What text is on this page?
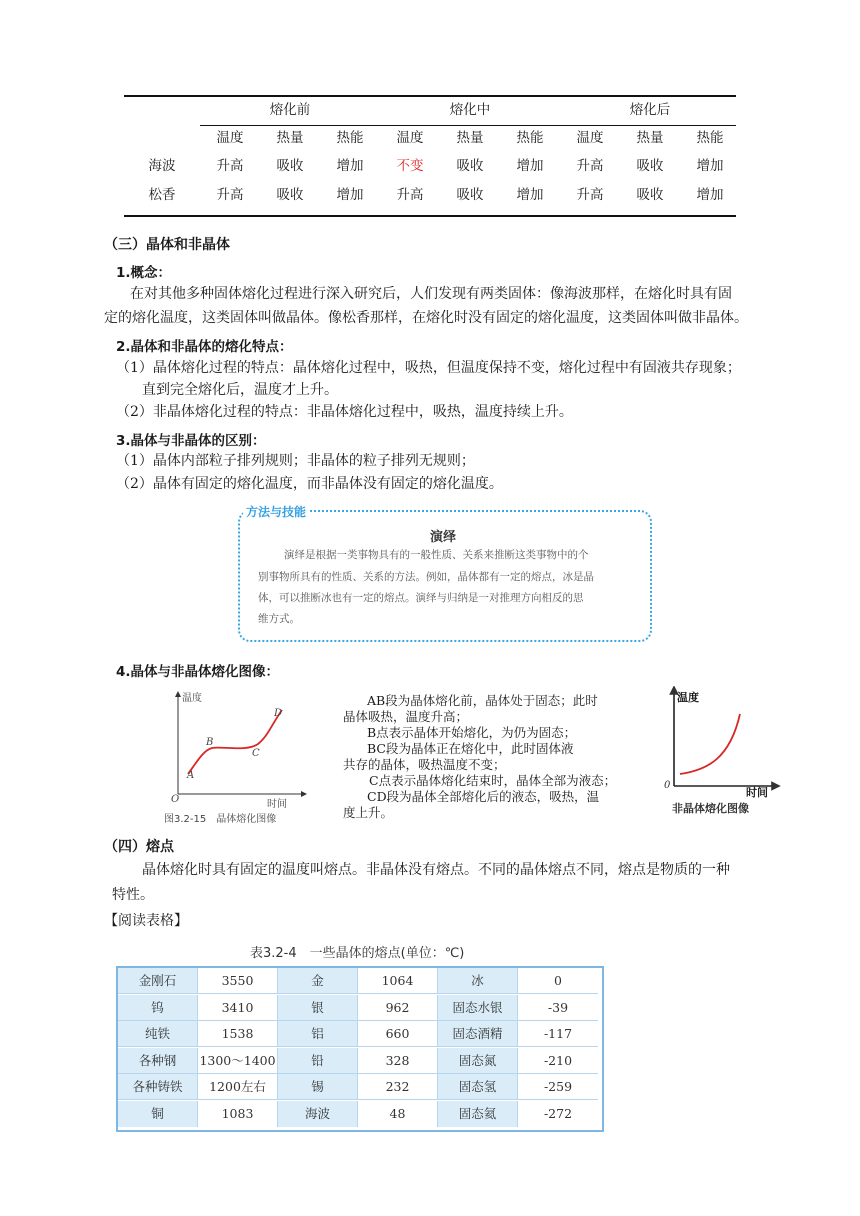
熔化前	熔化中	熔化后
温度	热量	热能	温度	热量	热能	温度	热量	热能
海波	升高	吸收	增加	不变	吸收	增加	升高	吸收	增加
松香	升高	吸收	增加	升高	吸收	增加	升高	吸收	增加
（三）晶体和非晶体
1.概念：
在对其他多种固体熔化过程进行深入研究后，人们发现有两类固体：像海波那样，在熔化时具有固
定的熔化温度，这类固体叫做晶体。像松香那样，在熔化时没有固定的熔化温度，这类固体叫做非晶体。
2.晶体和非晶体的熔化特点：
（1）晶体熔化过程的特点：晶体熔化过程中，吸热，但温度保持不变，熔化过程中有固液共存现象；
直到完全熔化后，温度才上升。
（2）非晶体熔化过程的特点：非晶体熔化过程中，吸热，温度持续上升。
3.晶体与非晶体的区别：
（1）晶体内部粒子排列规则；非晶体的粒子排列无规则；
（2）晶体有固定的熔化温度，而非晶体没有固定的熔化温度。
方法与技能
演绎
演绎是根据一类事物具有的一般性质、关系来推断这类事物中的个
别事物所具有的性质、关系的方法。例如，晶体都有一定的熔点，冰是晶
体，可以推断冰也有一定的熔点。演绎与归纳是一对推理方向相反的思
维方式。
4.晶体与非晶体熔化图像：
温度
时间
O
A
B
C
D
图3.2-15　晶体熔化图像
AB段为晶体熔化前，晶体处于固态；此时
晶体吸热，温度升高；
B点表示晶体开始熔化，为仍为固态；
BC段为晶体正在熔化中，此时固体液
共存的晶体，吸热温度不变；
C点表示晶体熔化结束时，晶体全部为液态；
CD段为晶体全部熔化后的液态，吸热，温
度上升。
温度
时间
0
非晶体熔化图像
（四）熔点
晶体熔化时具有固定的温度叫熔点。非晶体没有熔点。不同的晶体熔点不同，熔点是物质的一种
特性。
【阅读表格】
表3.2-4　一些晶体的熔点(单位：℃)
金刚石	3550	金	1064	冰	0
钨	3410	银	962	固态水银	-39
纯铁	1538	铝	660	固态酒精	-117
各种钢	1300～1400	铅	328	固态氮	-210
各种铸铁	1200左右	锡	232	固态氢	-259
铜	1083	海波	48	固态氦	-272
